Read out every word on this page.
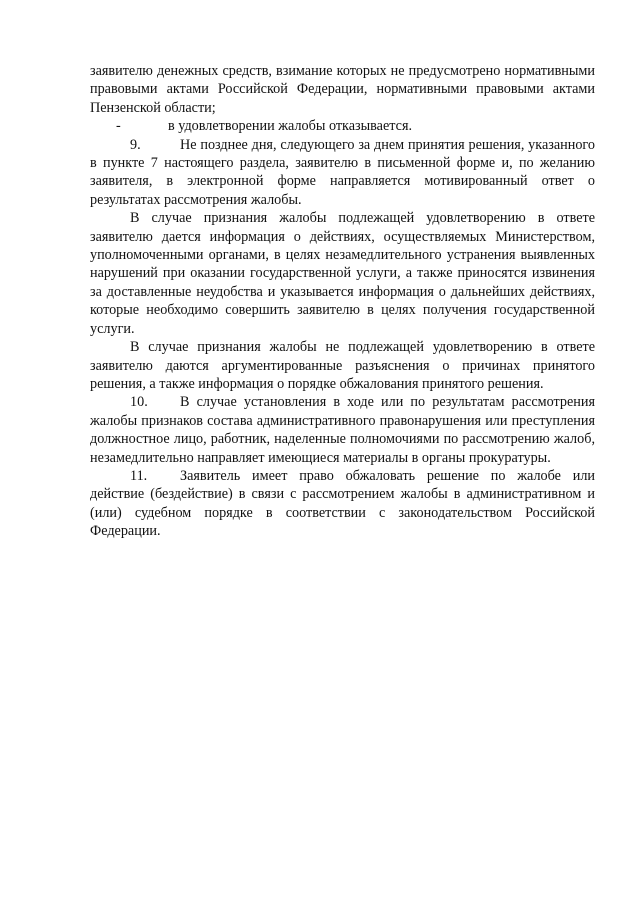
заявителю денежных средств, взимание которых не предусмотрено нормативными правовыми актами Российской Федерации, нормативными правовыми актами Пензенской области;

-	в удовлетворении жалобы отказывается.

9.	Не позднее дня, следующего за днем принятия решения, указанного в пункте 7 настоящего раздела, заявителю в письменной форме и, по желанию заявителя, в электронной форме направляется мотивированный ответ о результатах рассмотрения жалобы.

В случае признания жалобы подлежащей удовлетворению в ответе заявителю дается информация о действиях, осуществляемых Министерством, уполномоченными органами, в целях незамедлительного устранения выявленных нарушений при оказании государственной услуги, а также приносятся извинения за доставленные неудобства и указывается информация о дальнейших действиях, которые необходимо совершить заявителю в целях получения государственной услуги.

В случае признания жалобы не подлежащей удовлетворению в ответе заявителю даются аргументированные разъяснения о причинах принятого решения, а также информация о порядке обжалования принятого решения.

10. В случае установления в ходе или по результатам рассмотрения жалобы признаков состава административного правонарушения или преступления должностное лицо, работник, наделенные полномочиями по рассмотрению жалоб, незамедлительно направляет имеющиеся материалы в органы прокуратуры.

11. Заявитель имеет право обжаловать решение по жалобе или действие (бездействие) в связи с рассмотрением жалобы в административном и (или) судебном порядке в соответствии с законодательством Российской Федерации.
